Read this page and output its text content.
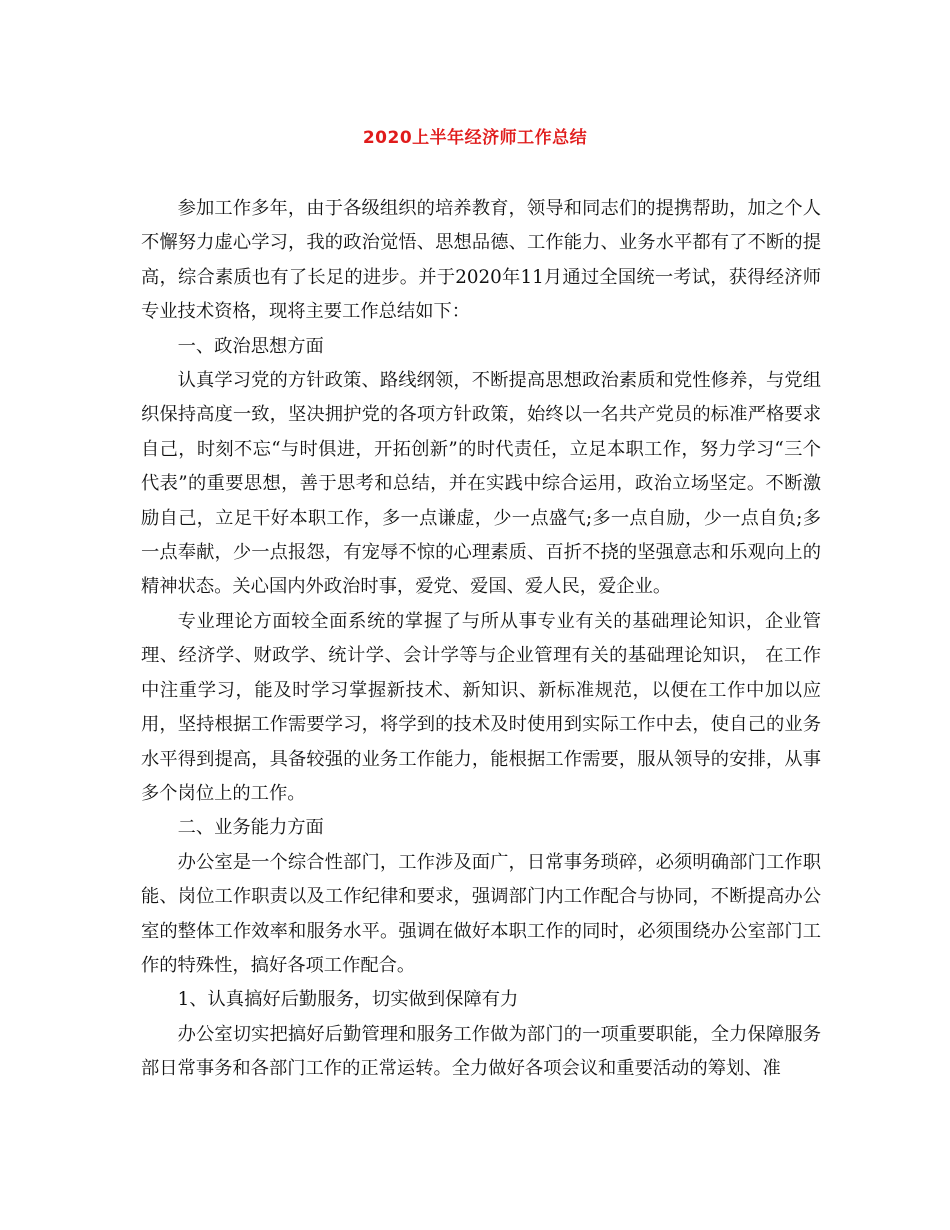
2020上半年经济师工作总结

参加工作多年，由于各级组织的培养教育，领导和同志们的提携帮助，加之个人不懈努力虚心学习，我的政治觉悟、思想品德、工作能力、业务水平都有了不断的提高，综合素质也有了长足的进步。并于2020年11月通过全国统一考试，获得经济师专业技术资格，现将主要工作总结如下：

一、政治思想方面

认真学习党的方针政策、路线纲领，不断提高思想政治素质和党性修养，与党组织保持高度一致，坚决拥护党的各项方针政策，始终以一名共产党员的标准严格要求自己，时刻不忘“与时俱进，开拓创新”的时代责任，立足本职工作，努力学习“三个代表”的重要思想，善于思考和总结，并在实践中综合运用，政治立场坚定。不断激励自己，立足干好本职工作，多一点谦虚，少一点盛气;多一点自励，少一点自负;多一点奉献，少一点报怨，有宠辱不惊的心理素质、百折不挠的坚强意志和乐观向上的精神状态。关心国内外政治时事，爱党、爱国、爱人民，爱企业。

专业理论方面较全面系统的掌握了与所从事专业有关的基础理论知识，企业管理、经济学、财政学、统计学、会计学等与企业管理有关的基础理论知识， 在工作中注重学习，能及时学习掌握新技术、新知识、新标准规范，以便在工作中加以应用，坚持根据工作需要学习，将学到的技术及时使用到实际工作中去，使自己的业务水平得到提高，具备较强的业务工作能力，能根据工作需要，服从领导的安排，从事多个岗位上的工作。

二、业务能力方面

办公室是一个综合性部门，工作涉及面广，日常事务琐碎，必须明确部门工作职能、岗位工作职责以及工作纪律和要求，强调部门内工作配合与协同，不断提高办公室的整体工作效率和服务水平。强调在做好本职工作的同时，必须围绕办公室部门工作的特殊性，搞好各项工作配合。

1、认真搞好后勤服务，切实做到保障有力

办公室切实把搞好后勤管理和服务工作做为部门的一项重要职能，全力保障服务部日常事务和各部门工作的正常运转。全力做好各项会议和重要活动的筹划、准
